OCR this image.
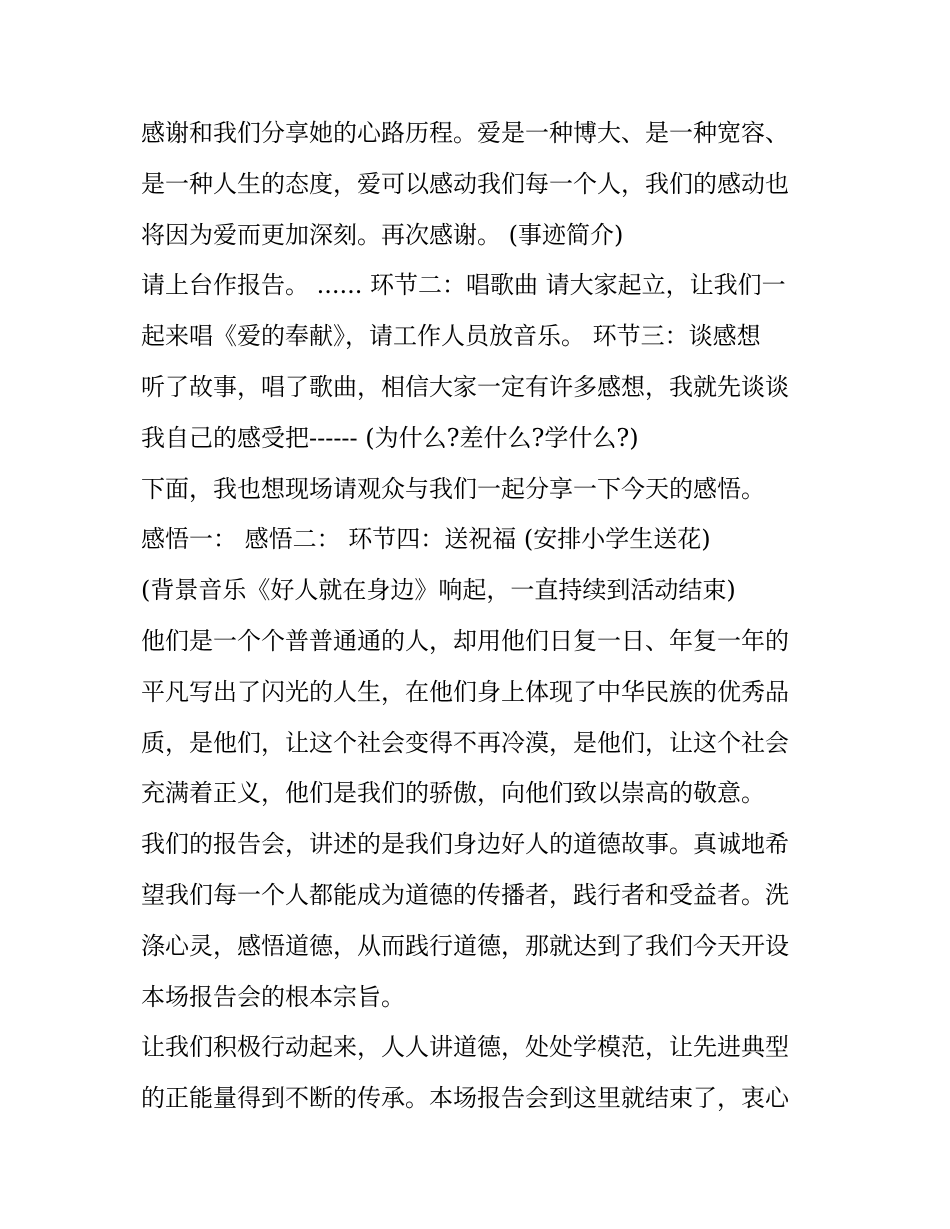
感谢和我们分享她的心路历程。爱是一种博大、是一种宽容、
是一种人生的态度，爱可以感动我们每一个人，我们的感动也
将因为爱而更加深刻。再次感谢。 (事迹简介)
请上台作报告。 ...... 环节二：唱歌曲 请大家起立，让我们一
起来唱《爱的奉献》，请工作人员放音乐。 环节三：谈感想
听了故事，唱了歌曲，相信大家一定有许多感想，我就先谈谈
我自己的感受把------ (为什么?差什么?学什么?)
下面，我也想现场请观众与我们一起分享一下今天的感悟。
感悟一： 感悟二： 环节四：送祝福 (安排小学生送花)
(背景音乐《好人就在身边》响起，一直持续到活动结束)
他们是一个个普普通通的人，却用他们日复一日、年复一年的
平凡写出了闪光的人生，在他们身上体现了中华民族的优秀品
质，是他们，让这个社会变得不再冷漠，是他们，让这个社会
充满着正义，他们是我们的骄傲，向他们致以崇高的敬意。
我们的报告会，讲述的是我们身边好人的道德故事。真诚地希
望我们每一个人都能成为道德的传播者，践行者和受益者。洗
涤心灵，感悟道德，从而践行道德，那就达到了我们今天开设
本场报告会的根本宗旨。
让我们积极行动起来，人人讲道德，处处学模范，让先进典型
的正能量得到不断的传承。本场报告会到这里就结束了，衷心
